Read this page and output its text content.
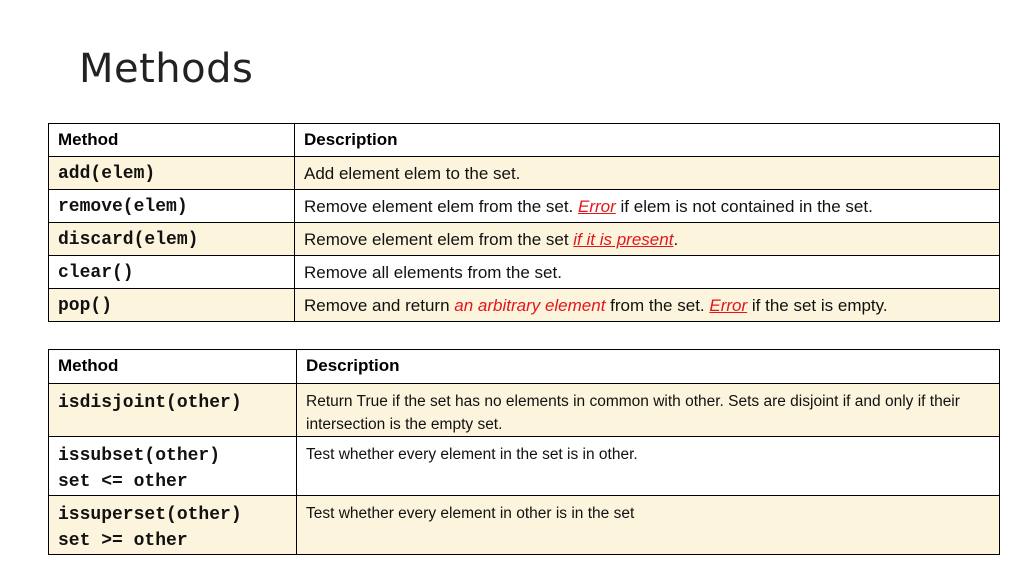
Methods
Method	Description
add(elem)	Add element elem to the set.
remove(elem)	Remove element elem from the set. Error if elem is not contained in the set.
discard(elem)	Remove element elem from the set if it is present.
clear()	Remove all elements from the set.
pop()	Remove and return an arbitrary element from the set. Error if the set is empty.
Method	Description

isdisjoint(other)	Return True if the set has no elements in common with other. Sets are disjoint if and only if their intersection is the empty set.

issubset(other)
set <= other	Test whether every element in the set is in other.

issuperset(other)
set >= other	Test whether every element in other is in the set
